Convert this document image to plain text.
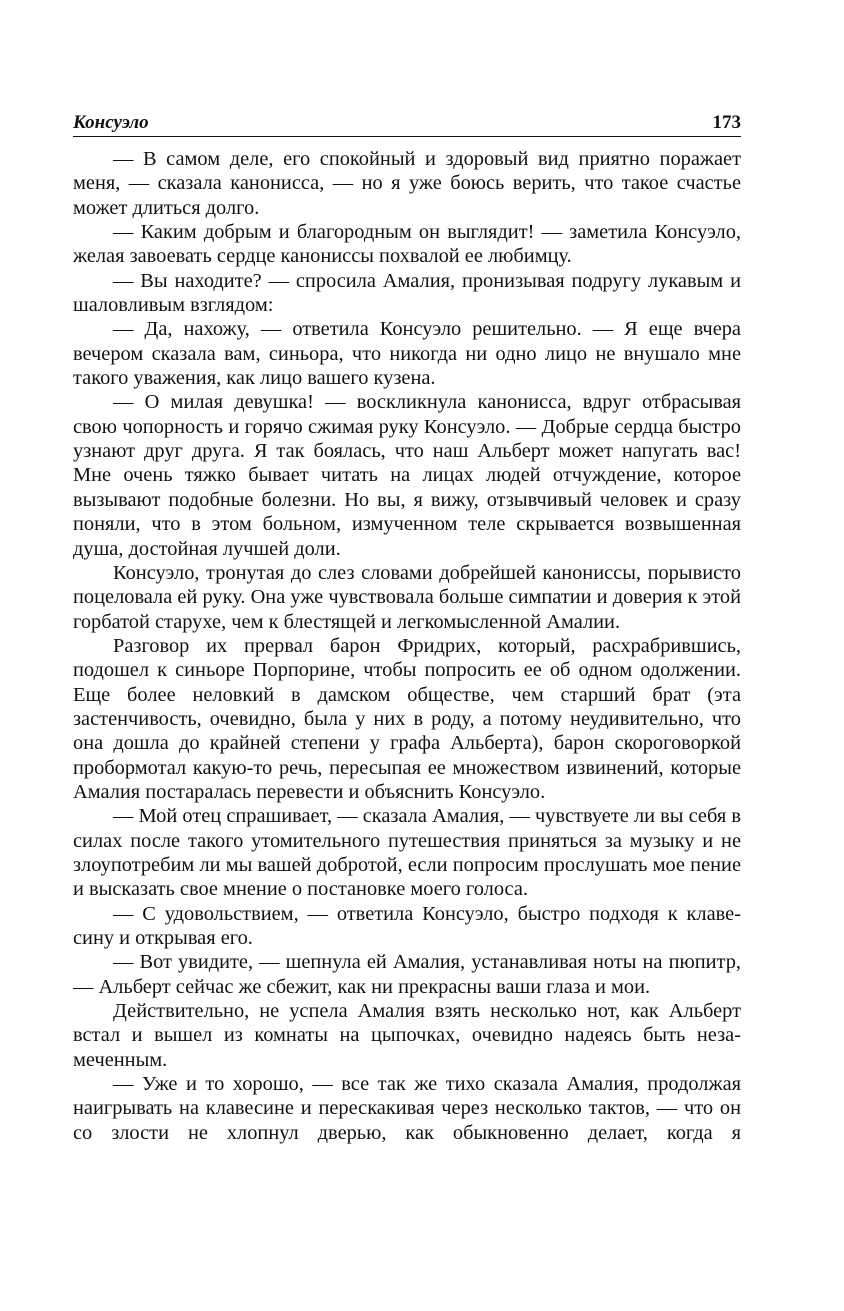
Консуэло	173

— В самом деле, его спокойный и здоровый вид приятно поражает меня, — сказала канонисса, — но я уже боюсь верить, что такое счастье может длиться долго.

— Каким добрым и благородным он выглядит! — заметила Консуэло, желая завоевать сердце канониссы похвалой ее любимцу.

— Вы находите? — спросила Амалия, пронизывая подругу лукавым и шаловливым взглядом:

— Да, нахожу, — ответила Консуэло решительно. — Я еще вчера вечером сказала вам, синьора, что никогда ни одно лицо не внушало мне такого уважения, как лицо вашего кузена.

— О милая девушка! — воскликнула канонисса, вдруг отбрасывая свою чопорность и горячо сжимая руку Консуэло. — Добрые сердца быстро узнают друг друга. Я так боялась, что наш Альберт может напугать вас! Мне очень тяжко бывает читать на лицах людей отчуждение, которое вызывают подобные болезни. Но вы, я вижу, отзывчивый человек и сразу поняли, что в этом больном, измученном теле скрывается возвышенная душа, достойная лучшей доли.

Консуэло, тронутая до слез словами добрейшей канониссы, порывисто поцеловала ей руку. Она уже чувствовала больше симпатии и доверия к этой горбатой старухе, чем к блестящей и легкомысленной Амалии.

Разговор их прервал барон Фридрих, который, расхрабрившись, подошел к синьоре Порпорине, чтобы попросить ее об одном одолжении. Еще более неловкий в дамском обществе, чем старший брат (эта застенчивость, очевидно, была у них в роду, а потому неудивительно, что она дошла до крайней степени у графа Альберта), барон скороговоркой пробормотал какую-то речь, пересыпая ее множеством извинений, которые Амалия постаралась перевести и объяснить Консуэло.

— Мой отец спрашивает, — сказала Амалия, — чувствуете ли вы себя в силах после такого утомительного путешествия приняться за музыку и не злоупотребим ли мы вашей добротой, если попросим прослушать мое пение и высказать свое мнение о постановке моего голоса.

— С удовольствием, — ответила Консуэло, быстро подходя к клавесину и открывая его.

— Вот увидите, — шепнула ей Амалия, устанавливая ноты на пюпитр, — Альберт сейчас же сбежит, как ни прекрасны ваши глаза и мои.

Действительно, не успела Амалия взять несколько нот, как Альберт встал и вышел из комнаты на цыпочках, очевидно надеясь быть незамеченным.

— Уже и то хорошо, — все так же тихо сказала Амалия, продолжая наигрывать на клавесине и перескакивая через несколько тактов, — что он со злости не хлопнул дверью, как обыкновенно делает, когда я
